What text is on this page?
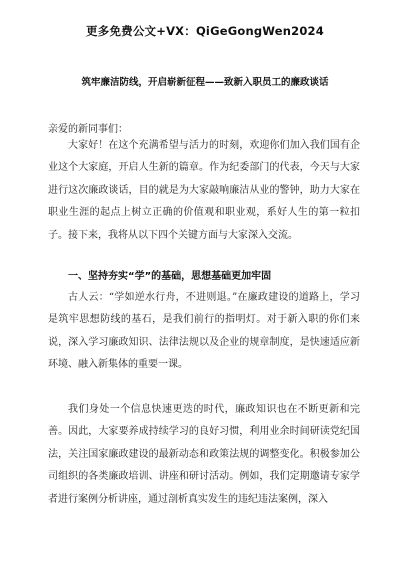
更多免费公文+VX：QiGeGongWen2024
筑牢廉洁防线，开启崭新征程——致新入职员工的廉政谈话
亲爱的新同事们：

大家好！在这个充满希望与活力的时刻，欢迎你们加入我们国有企业这个大家庭，开启人生新的篇章。作为纪委部门的代表，今天与大家进行这次廉政谈话，目的就是为大家敲响廉洁从业的警钟，助力大家在职业生涯的起点上树立正确的价值观和职业观，系好人生的第一粒扣子。接下来，我将从以下四个关键方面与大家深入交流。

一、坚持夯实“学”的基础，思想基础更加牢固

古人云：“学如逆水行舟，不进则退。”在廉政建设的道路上，学习是筑牢思想防线的基石，是我们前行的指明灯。对于新入职的你们来说，深入学习廉政知识、法律法规以及企业的规章制度，是快速适应新环境、融入新集体的重要一课。

我们身处一个信息快速更迭的时代，廉政知识也在不断更新和完善。因此，大家要养成持续学习的良好习惯，利用业余时间研读党纪国法，关注国家廉政建设的最新动态和政策法规的调整变化。积极参加公司组织的各类廉政培训、讲座和研讨活动。例如，我们定期邀请专家学者进行案例分析讲座，通过剖析真实发生的违纪违法案例，深入
